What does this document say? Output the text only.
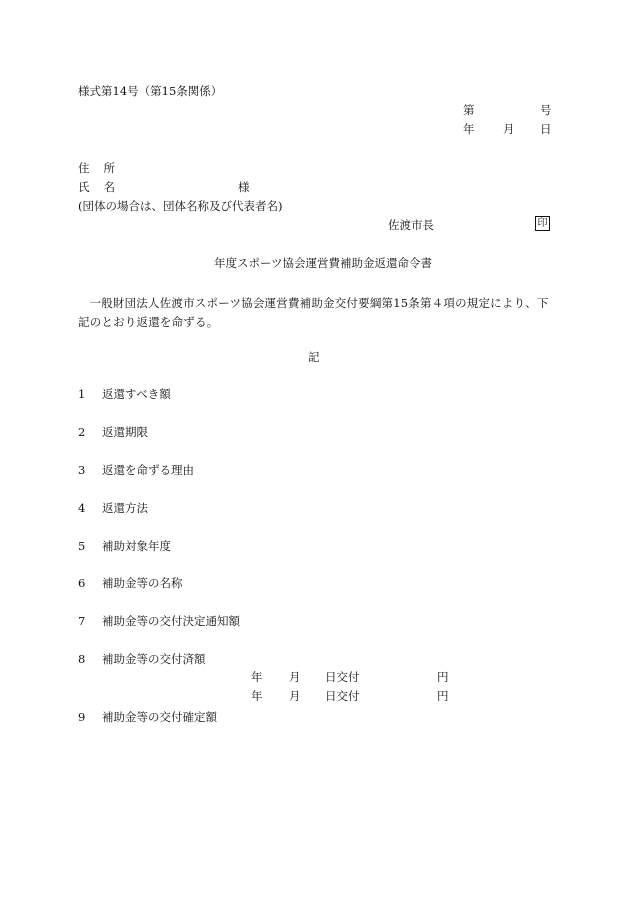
様式第14号（第15条関係）
第	号
年 月 日
住 所
氏 名	様
(団体の場合は、団体名称及び代表者名)
佐渡市長	印
年度スポーツ協会運営費補助金返還命令書
一般財団法人佐渡市スポーツ協会運営費補助金交付要綱第15条第４項の規定により、下記のとおり返還を命ずる。
記
1 返還すべき額
2 返還期限
3 返還を命ずる理由
4 返還方法
5 補助対象年度
6 補助金等の名称
7 補助金等の交付決定通知額
8 補助金等の交付済額
年 月 日交付	円
年 月 日交付	円
9 補助金等の交付確定額
